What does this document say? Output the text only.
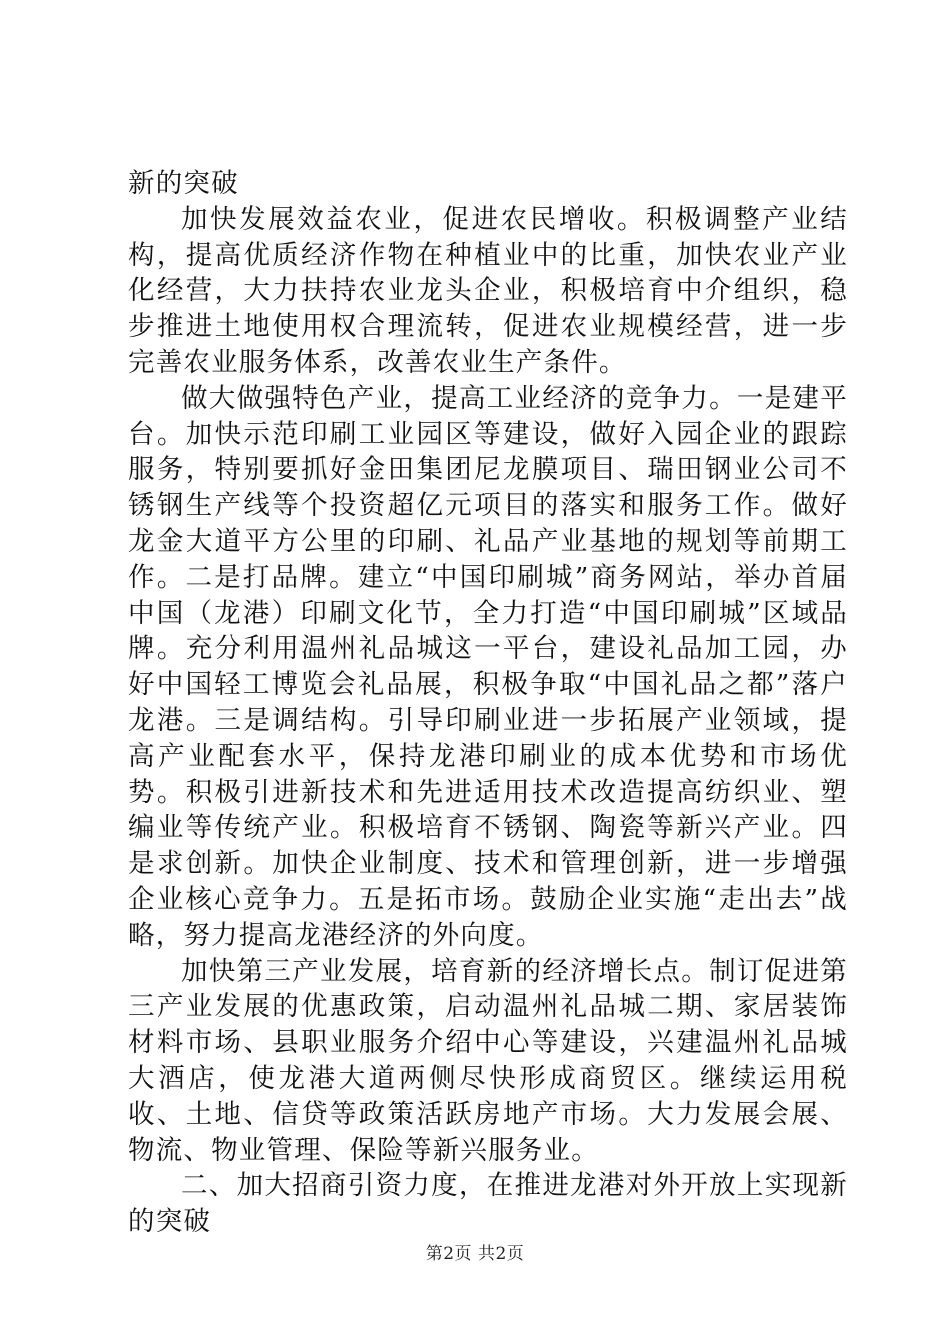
新的突破

加快发展效益农业，促进农民增收。积极调整产业结构，提高优质经济作物在种植业中的比重，加快农业产业化经营，大力扶持农业龙头企业，积极培育中介组织，稳步推进土地使用权合理流转，促进农业规模经营，进一步完善农业服务体系，改善农业生产条件。

做大做强特色产业，提高工业经济的竞争力。一是建平台。加快示范印刷工业园区等建设，做好入园企业的跟踪服务，特别要抓好金田集团尼龙膜项目、瑞田钢业公司不锈钢生产线等个投资超亿元项目的落实和服务工作。做好龙金大道平方公里的印刷、礼品产业基地的规划等前期工作。二是打品牌。建立“中国印刷城”商务网站，举办首届中国（龙港）印刷文化节，全力打造“中国印刷城”区域品牌。充分利用温州礼品城这一平台，建设礼品加工园，办好中国轻工博览会礼品展，积极争取“中国礼品之都”落户龙港。三是调结构。引导印刷业进一步拓展产业领域，提高产业配套水平，保持龙港印刷业的成本优势和市场优势。积极引进新技术和先进适用技术改造提高纺织业、塑编业等传统产业。积极培育不锈钢、陶瓷等新兴产业。四是求创新。加快企业制度、技术和管理创新，进一步增强企业核心竞争力。五是拓市场。鼓励企业实施“走出去”战略，努力提高龙港经济的外向度。

加快第三产业发展，培育新的经济增长点。制订促进第三产业发展的优惠政策，启动温州礼品城二期、家居装饰材料市场、县职业服务介绍中心等建设，兴建温州礼品城大酒店，使龙港大道两侧尽快形成商贸区。继续运用税收、土地、信贷等政策活跃房地产市场。大力发展会展、物流、物业管理、保险等新兴服务业。

二、加大招商引资力度，在推进龙港对外开放上实现新的突破

第2页 共2页
